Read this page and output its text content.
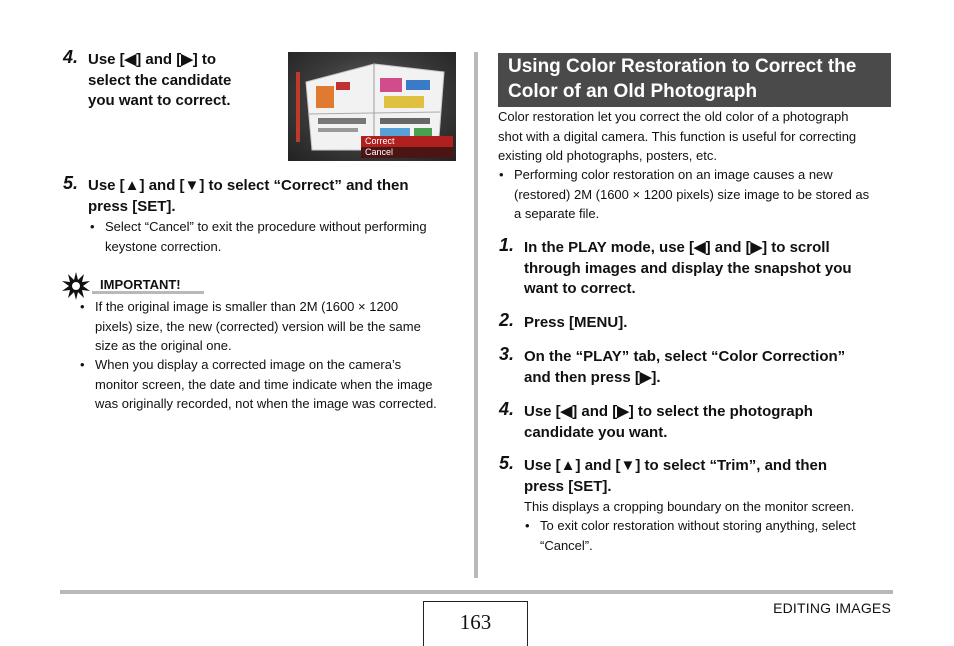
4. Use [◀] and [▶] to
select the candidate
you want to correct.
Correct
Cancel
5. Use [▲] and [▼] to select “Correct” and then
press [SET].
• Select “Cancel” to exit the procedure without performing
keystone correction.
IMPORTANT!
• If the original image is smaller than 2M (1600 × 1200
pixels) size, the new (corrected) version will be the same
size as the original one.
• When you display a corrected image on the camera’s
monitor screen, the date and time indicate when the image
was originally recorded, not when the image was corrected.
Using Color Restoration to Correct the
Color of an Old Photograph
Color restoration let you correct the old color of a photograph
shot with a digital camera. This function is useful for correcting
existing old photographs, posters, etc.
• Performing color restoration on an image causes a new
(restored) 2M (1600 × 1200 pixels) size image to be stored as
a separate file.
1. In the PLAY mode, use [◀] and [▶] to scroll
through images and display the snapshot you
want to correct.
2. Press [MENU].
3. On the “PLAY” tab, select “Color Correction”
and then press [▶].
4. Use [◀] and [▶] to select the photograph
candidate you want.
5. Use [▲] and [▼] to select “Trim”, and then
press [SET].
This displays a cropping boundary on the monitor screen.
• To exit color restoration without storing anything, select
“Cancel”.
163
EDITING IMAGES
